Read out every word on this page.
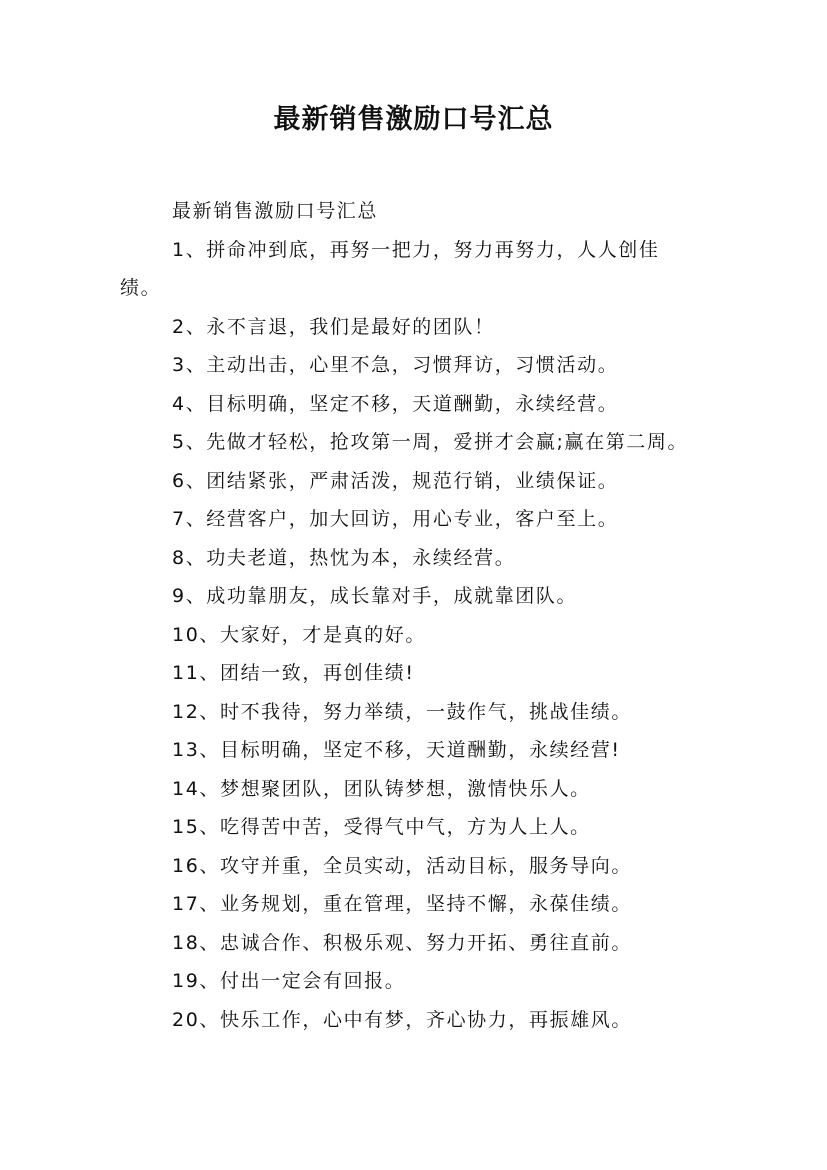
最新销售激励口号汇总

最新销售激励口号汇总

1、拼命冲到底，再努一把力，努力再努力，人人创佳
绩。

2、永不言退，我们是最好的团队！

3、主动出击，心里不急，习惯拜访，习惯活动。

4、目标明确，坚定不移，天道酬勤，永续经营。

5、先做才轻松，抢攻第一周，爱拼才会赢;赢在第二周。

6、团结紧张，严肃活泼，规范行销，业绩保证。

7、经营客户，加大回访，用心专业，客户至上。

8、功夫老道，热忱为本，永续经营。

9、成功靠朋友，成长靠对手，成就靠团队。

10、大家好，才是真的好。

11、团结一致，再创佳绩!

12、时不我待，努力举绩，一鼓作气，挑战佳绩。

13、目标明确，坚定不移，天道酬勤，永续经营!

14、梦想聚团队，团队铸梦想，激情快乐人。

15、吃得苦中苦，受得气中气，方为人上人。

16、攻守并重，全员实动，活动目标，服务导向。

17、业务规划，重在管理，坚持不懈，永葆佳绩。

18、忠诚合作、积极乐观、努力开拓、勇往直前。

19、付出一定会有回报。

20、快乐工作，心中有梦，齐心协力，再振雄风。
